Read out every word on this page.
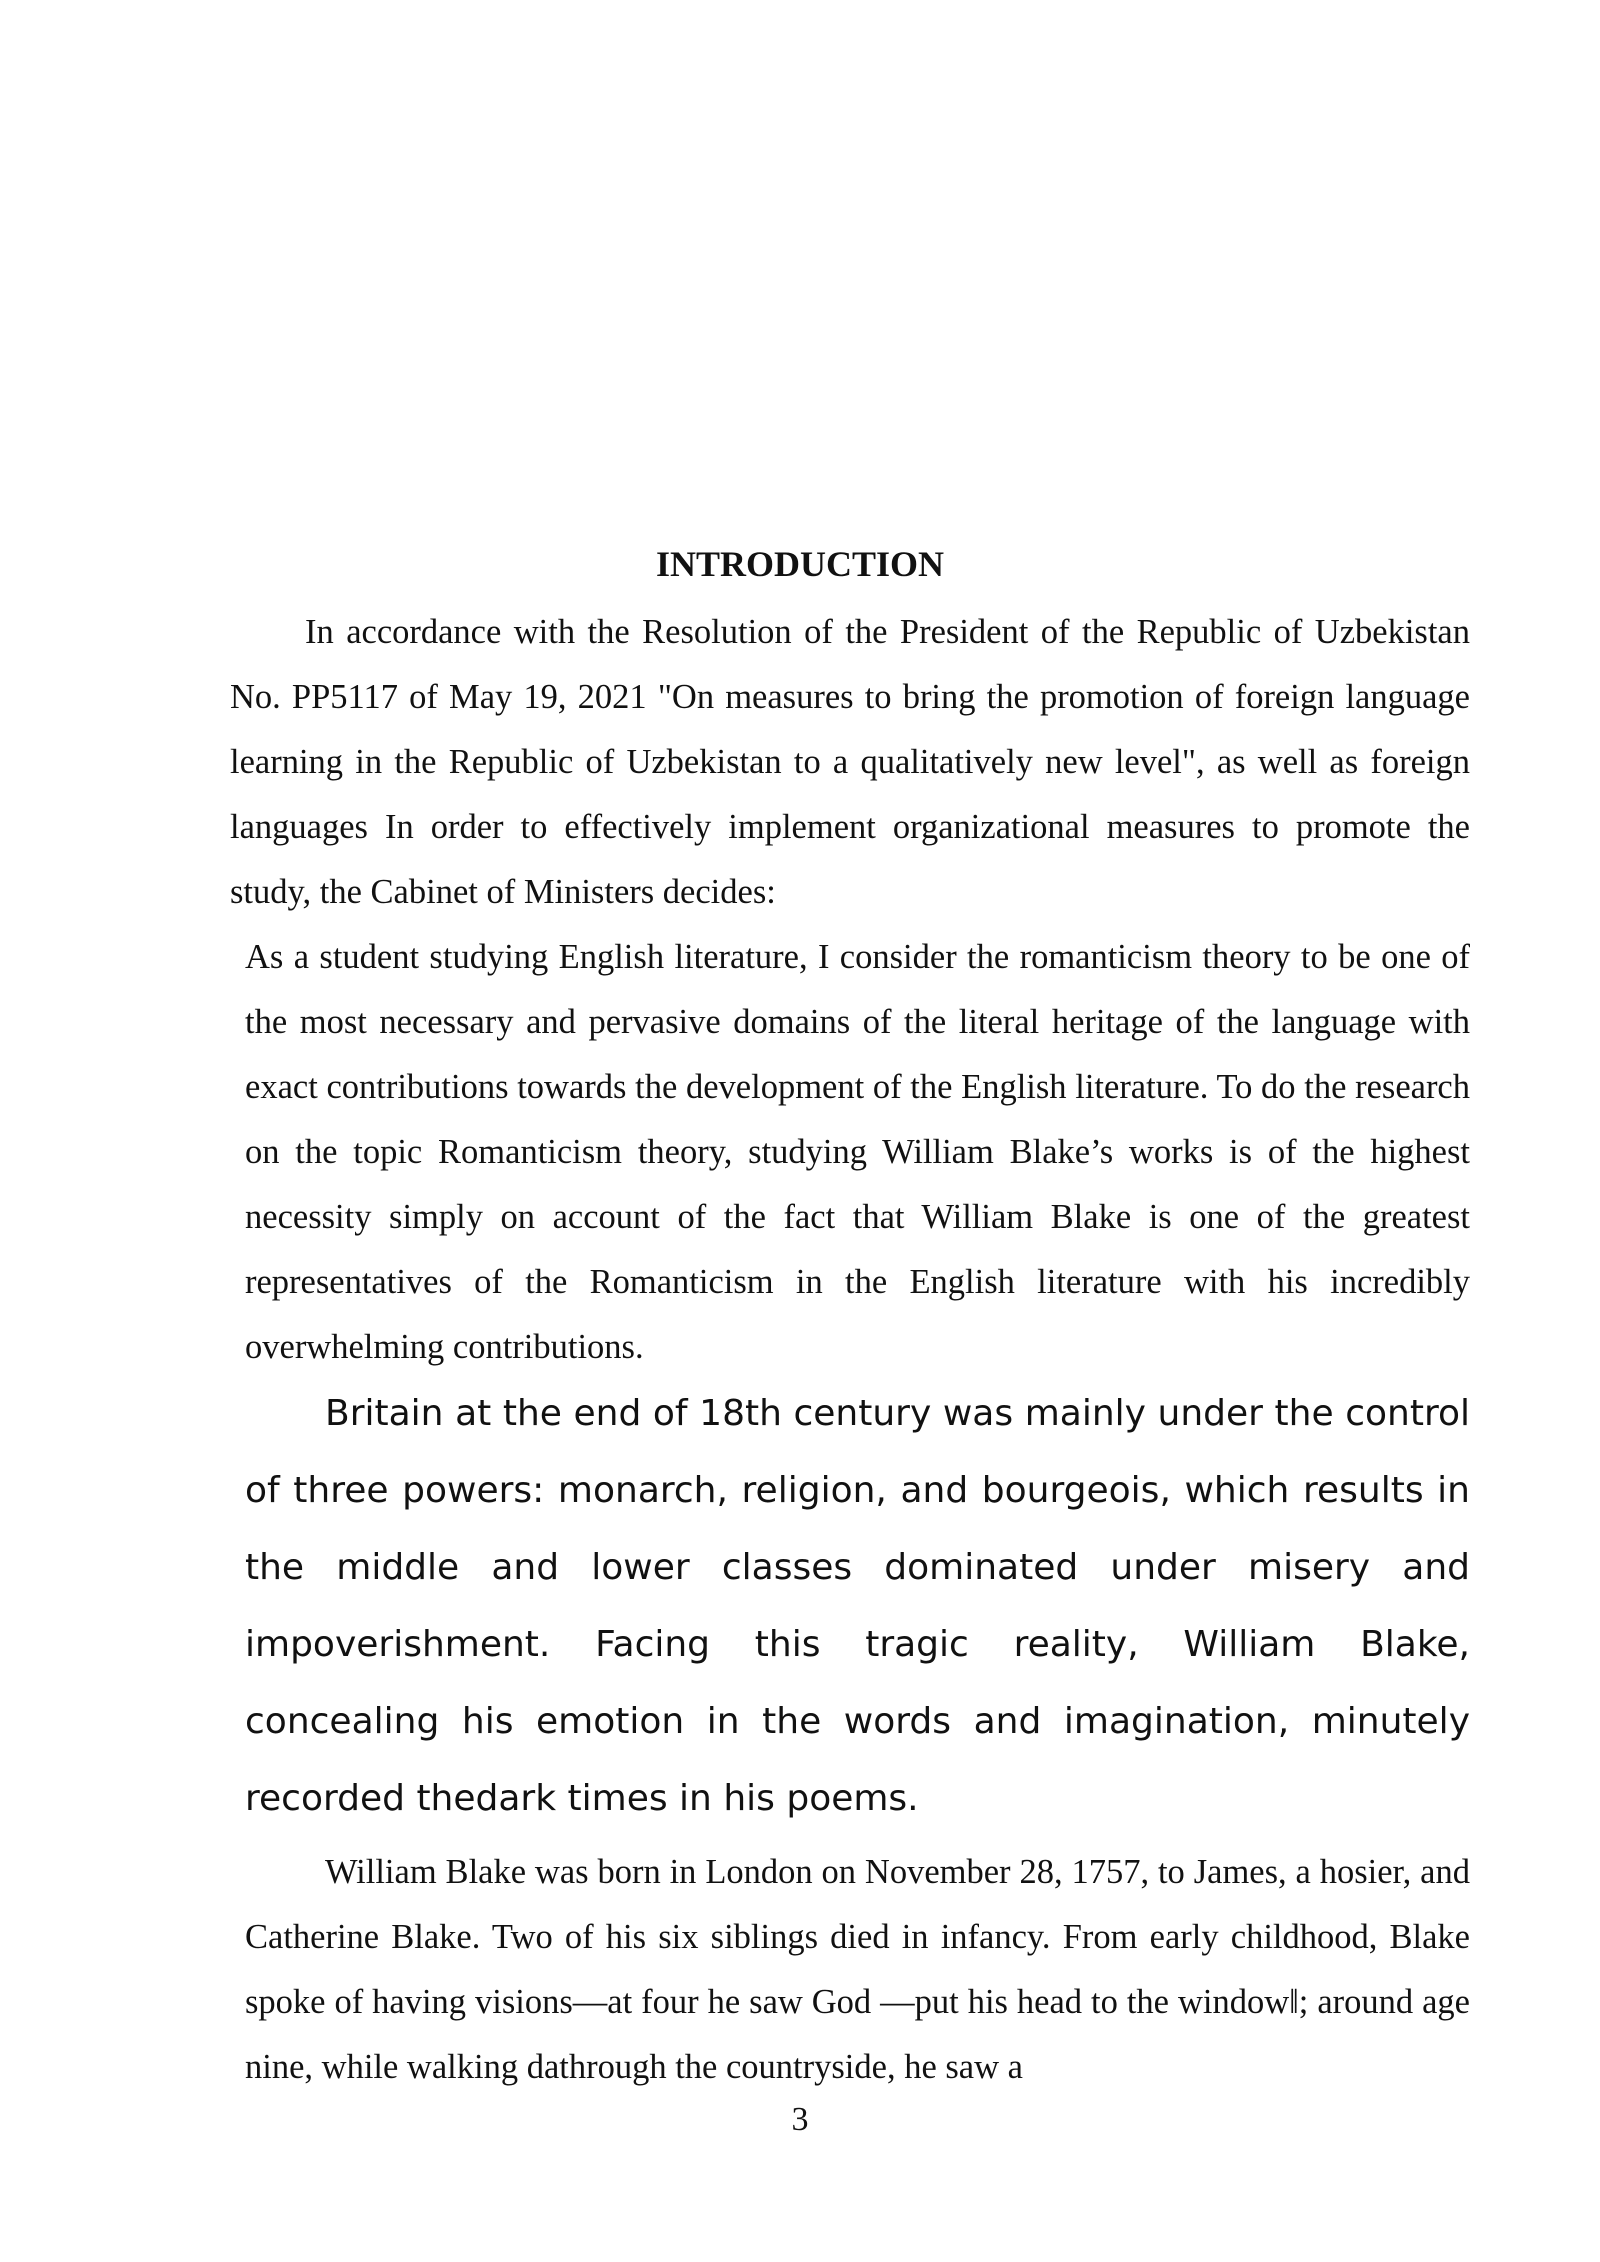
INTRODUCTION

In accordance with the Resolution of the President of the Republic of Uzbekistan No. PP5117 of May 19, 2021 "On measures to bring the promotion of foreign language learning in the Republic of Uzbekistan to a qualitatively new level", as well as foreign languages In order to effectively implement organizational measures to promote the study, the Cabinet of Ministers decides:

As a student studying English literature, I consider the romanticism theory to be one of the most necessary and pervasive domains of the literal heritage of the language with exact contributions towards the development of the English literature. To do the research on the topic Romanticism theory, studying William Blake’s works is of the highest necessity simply on account of the fact that William Blake is one of the greatest representatives of the Romanticism in the English literature with his incredibly overwhelming contributions.

Britain at the end of 18th century was mainly under the control of three powers: monarch, religion, and bourgeois, which results in the middle and lower classes dominated under misery and impoverishment. Facing this tragic reality, William Blake, concealing his emotion in the words and imagination, minutely recorded thedark times in his poems.

William Blake was born in London on November 28, 1757, to James, a hosier, and Catherine Blake. Two of his six siblings died in infancy. From early childhood, Blake spoke of having visions—at four he saw God —put his head to the window‖; around age nine, while walking dathrough the countryside, he saw a

3
